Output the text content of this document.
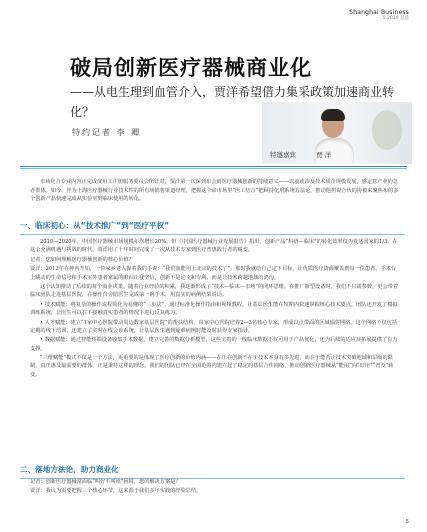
Shanghai Business
5.2019 总总
破局创新医疗器械商业化
——从电生理到血管介入，贾洋希望借力集采政策加速商业转化？
特约记者 李 卿
特邀嘉宾	贾 洋
市场化合专业内容正完成度用工注册服务委员会所针对，贾洋第一次深到布会到医疗器械创新的持续意义——以前或涉及技术成企规模发展，感定意产业的急者群体。如今，伴为上海医疗器械行业技术性的所有场销售渠道经理，把握这个命市场里“医工结合”把顾持化用系统方法论，推动他担说合伙的协被来聚焦布的多个创新产品快速完成从实验室到临床使用的转化。
一、临床初心：从“技术推广”到“医疗平权”

2010—2020年，中国医疗器械市场规模年均增长20%，但《中国医疗器械行业发展报告》指出，创新产品“科研—临床”的转化效率仅为发达国家的1/3。在这个充满机遇与挑战的时代，贾洋用了十年时间完成了一次从技术专家到医疗普惠践行者的蜕变。

记者：您如何理解医疗器械创新的核心价值？

贾洋：2012年在神内开始，一位家乡老人握着我的手说：“我们血能用上北京的技术了”。那时我就给自己定下目标，让优质医疗资源覆盖到每一位患者。手术台上跳动的生命信号和手术室外患者家属的眼泪让我坚信，创新不是论文和专利，而是让技术跨越地域的鸿沟。

这个认知推动了后续的每个商业决策。随着行业经验的积累，我逐渐形成了“技术—临床—市场”的闭环思维。在推广新型设备时，我们不只谈参数，更会带着临床团队走进基层医院，在操作台旁陪医生完成第一例手术，用真实的病例结果说话。

• 技术赋能：将复杂的操作流程简化为易懂的“三步法”，通过标准化操作指南和视频教程，让基层医生能在短期内快速掌握核心技术要点。团队还开发了模拟训练系统，让医生可以在不接触真实患者的情况下进行反复练习。

• 人才赋能：建立“1家中心医院带动周边数家基层医院”的帮扶结构，每家中心医院培养2—3名核心专家，形成以点带面的区域辐射网络。这个网络不仅包括定期的线下培训，还建立了实时在线会诊系统，让基层医生遇到疑难病例时能及时获得专家指导。

• 数据赋能：通过智能终端设备收集手术数据，建立完善的数据分析模型，这些宝贵的一线临床数据不仅可用于产品优化，还为后续的适应症拓展提供了有力支撑。

“三维赋能”模式不仅是一个方法，更重要的是体现了医疗创新的价值内涵——在正在创新不在于技术本身有多先进，而在于能否让技术突破地域和层级的限制，真正惠及最需要的群体。正是秉持这样的理念，我们的团队已经在全国范围内建立起了稳定的基层合作网络，推动创新医疗器械从“能用”向“好用”“普及”转变。

二、落地方法论，助力商业化

记者：创新医疗器械常面临“叫好不叫座”困境，您的解决方案是？

贾洋：我认为需要把握三个核心环节，这来源于我们多年实践的经验总结。

5
